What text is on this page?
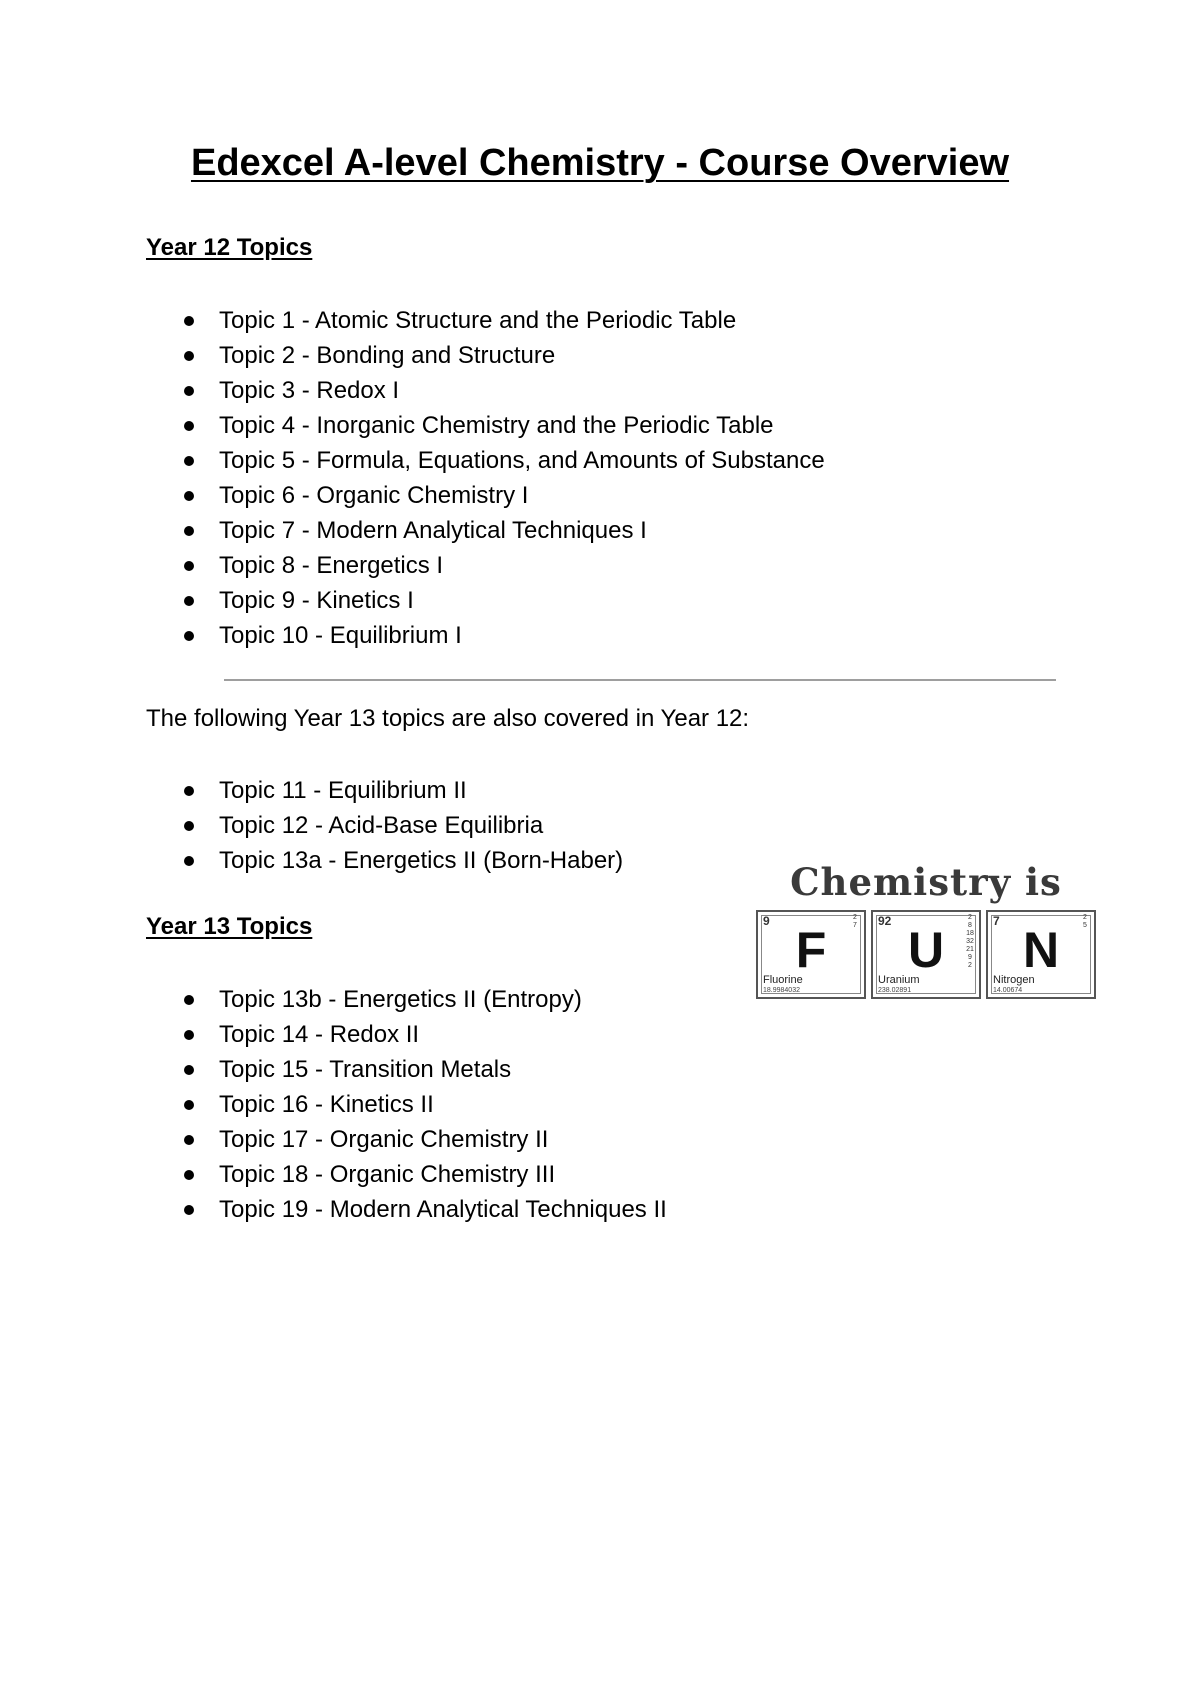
Edexcel A-level Chemistry - Course Overview
Year 12 Topics
Topic 1 - Atomic Structure and the Periodic Table
Topic 2 - Bonding and Structure
Topic 3 - Redox I
Topic 4 - Inorganic Chemistry and the Periodic Table
Topic 5 - Formula, Equations, and Amounts of Substance
Topic 6 - Organic Chemistry I
Topic 7 - Modern Analytical Techniques I
Topic 8 - Energetics I
Topic 9 - Kinetics I
Topic 10 - Equilibrium I

The following Year 13 topics are also covered in Year 12:

Topic 11 - Equilibrium II
Topic 12 - Acid-Base Equilibria
Topic 13a - Energetics II (Born-Haber)
Year 13 Topics
Topic 13b - Energetics II (Entropy)
Topic 14 - Redox II
Topic 15 - Transition Metals
Topic 16 - Kinetics II
Topic 17 - Organic Chemistry II
Topic 18 - Organic Chemistry III
Topic 19 - Modern Analytical Techniques II
Chemistry is
9	2
7
F
Fluorine
18.9984032
92	2
8
18
32
21
9
2
U
Uranium
238.02891
7	2
5
N
Nitrogen
14.00674
